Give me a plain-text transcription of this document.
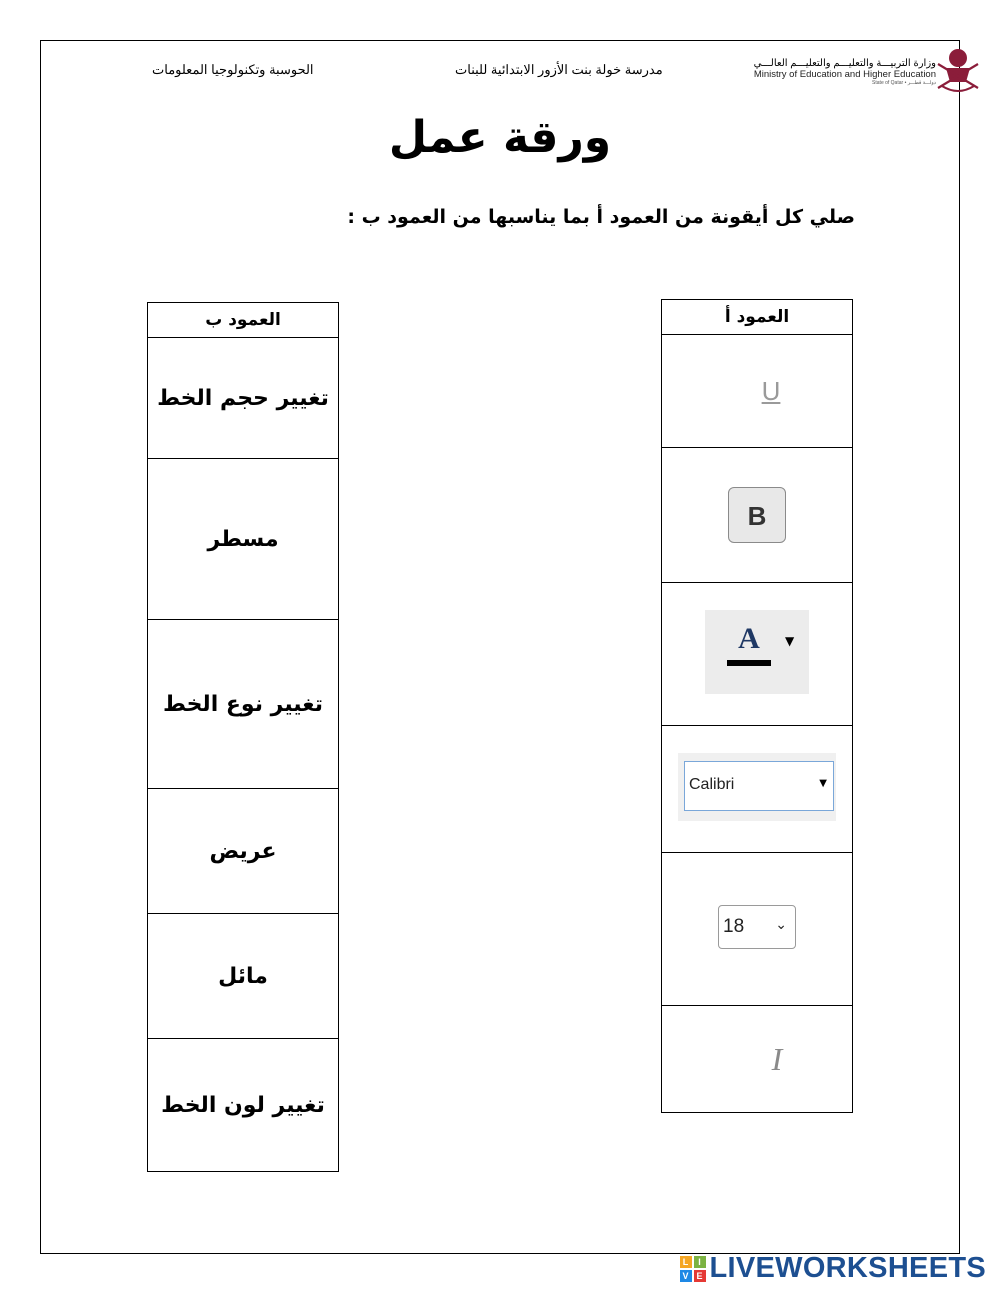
الحوسبة وتكنولوجيا المعلومات	مدرسة خولة بنت الأزور الابتدائية للبنات	وزارة التربيـــة والتعليـــم والتعليـــم العالـــي
Ministry of Education and Higher Education
State of Qatar • دولـــة قطـــر
ورقة عمل
صلي كل أيقونة من العمود أ بما يناسبها من العمود ب :
العمود ب
تغيير حجم الخط
مسطر
تغيير نوع الخط
عريض
مائل
تغيير لون الخط
العمود أ
U
B

A	▼

Calibri	▼

18 ⌄

I
L	I
V E LIVEWORKSHEETS
